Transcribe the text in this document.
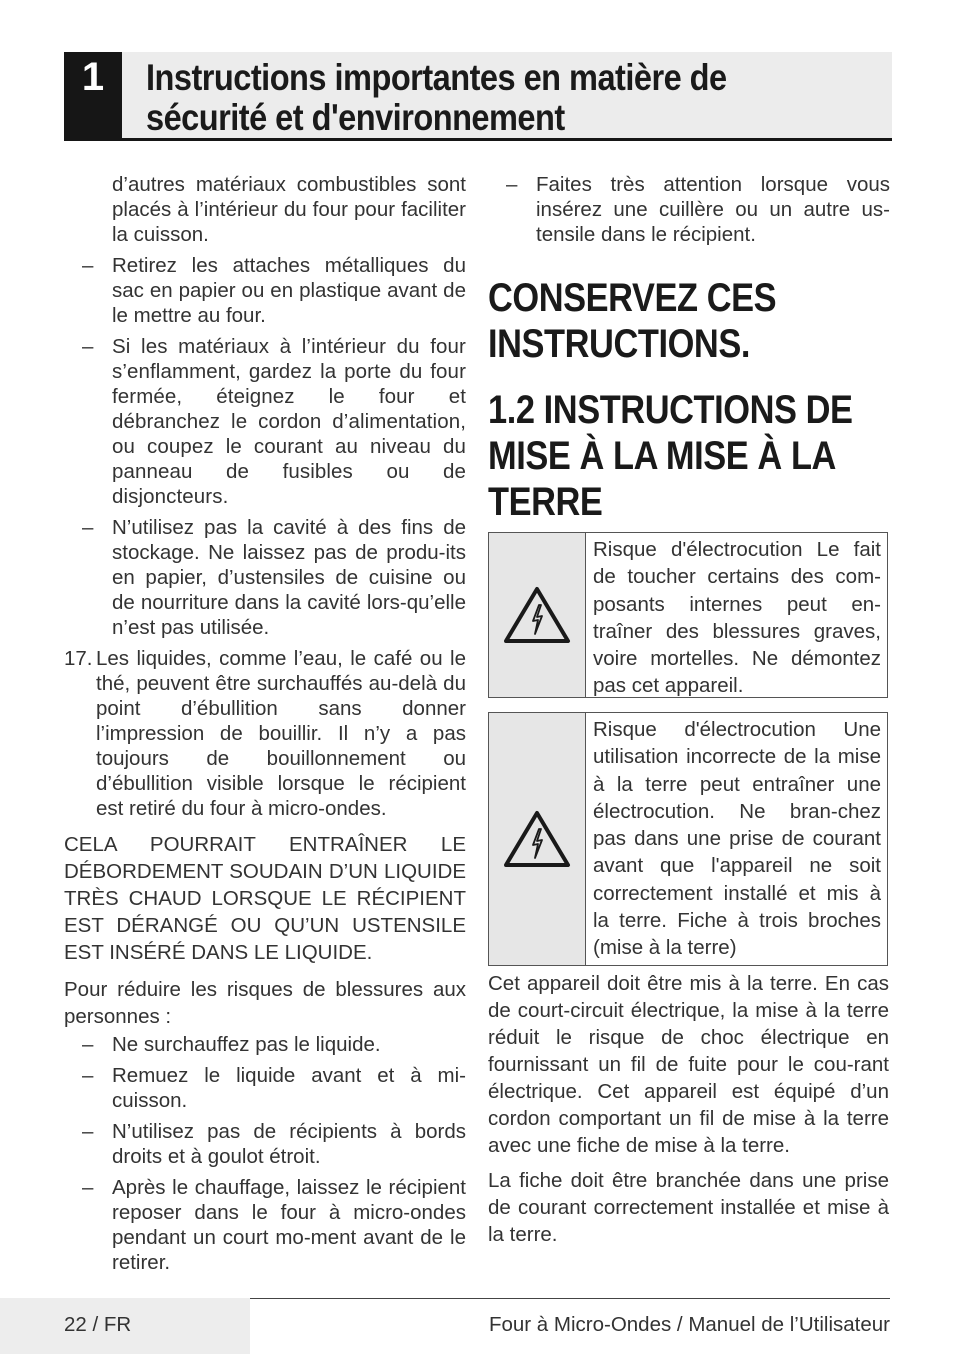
1	Instructions importantes en matière de
sécurité et d'environnement
d’autres matériaux combustibles sont placés à l’intérieur du four pour faciliter la cuisson.
– Retirez les attaches métalliques du sac en papier ou en plastique avant de le mettre au four.
– Si les matériaux à l’intérieur du four s’enflamment, gardez la porte du four fermée, éteignez le four et débranchez le cordon d’alimentation, ou coupez le courant au niveau du panneau de fusibles ou de disjoncteurs.
– N’utilisez pas la cavité à des fins de stockage. Ne laissez pas de produ-its en papier, d’ustensiles de cuisine ou de nourriture dans la cavité lors-qu’elle n’est pas utilisée.
17. Les liquides, comme l’eau, le café ou le thé, peuvent être surchauffés au-delà du point d’ébullition sans donner l’impression de bouillir. Il n’y a pas toujours de bouillonnement ou d’ébullition visible lorsque le récipient est retiré du four à micro-ondes.
CELA POURRAIT ENTRAÎNER LE DÉBORDEMENT SOUDAIN D’UN LIQUIDE TRÈS CHAUD LORSQUE LE RÉCIPIENT EST DÉRANGÉ OU QU’UN USTENSILE EST INSÉRÉ DANS LE LIQUIDE.
Pour réduire les risques de blessures aux personnes :
– Ne surchauffez pas le liquide.
– Remuez le liquide avant et à mi-cuisson.
– N’utilisez pas de récipients à bords droits et à goulot étroit.
– Après le chauffage, laissez le récipient reposer dans le four à micro-ondes pendant un court mo-ment avant de le retirer.
– Faites très attention lorsque vous insérez une cuillère ou un autre us-tensile dans le récipient.
CONSERVEZ CES
INSTRUCTIONS.
1.2 INSTRUCTIONS DE
MISE À LA MISE À LA
TERRE
Risque d'électrocution Le fait de toucher certains des com-posants internes peut en-traîner des blessures graves, voire mortelles. Ne démontez pas cet appareil.
Risque d'électrocution Une utilisation incorrecte de la mise à la terre peut entraîner une électrocution. Ne bran-chez pas dans une prise de courant avant que l'appareil ne soit correctement installé et mis à la terre. Fiche à trois broches (mise à la terre)
Cet appareil doit être mis à la terre. En cas de court-circuit électrique, la mise à la terre réduit le risque de choc électrique en fournissant un fil de fuite pour le cou-rant électrique. Cet appareil est équipé d’un cordon comportant un fil de mise à la terre avec une fiche de mise à la terre.
La fiche doit être branchée dans une prise de courant correctement installée et mise à la terre.
22 / FR	Four à Micro-Ondes / Manuel de l’Utilisateur
